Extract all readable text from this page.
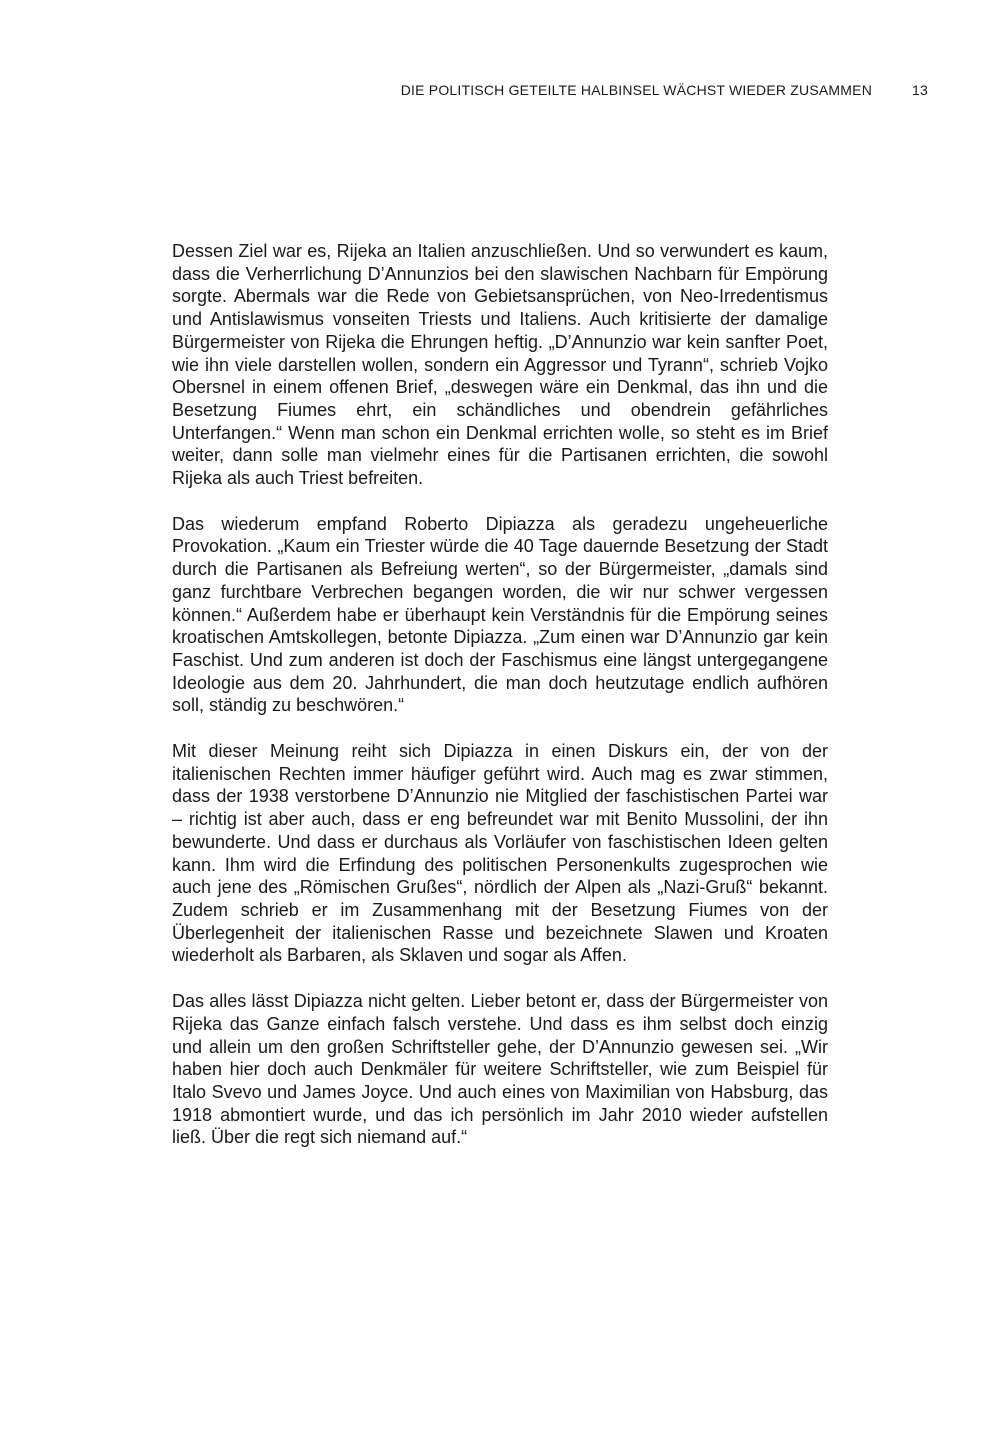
DIE POLITISCH GETEILTE HALBINSEL WÄCHST WIEDER ZUSAMMEN	13

Dessen Ziel war es, Rijeka an Italien anzuschließen. Und so verwundert es kaum, dass die Verherrlichung D’Annunzios bei den slawischen Nachbarn für Empörung sorgte. Abermals war die Rede von Gebietsansprüchen, von Neo-Irredentismus und Antislawismus vonseiten Triests und Italiens. Auch kritisierte der damalige Bürgermeister von Rijeka die Ehrungen heftig. „D’Annunzio war kein sanfter Poet, wie ihn viele darstellen wollen, sondern ein Aggressor und Tyrann“, schrieb Vojko Obersnel in einem offenen Brief, „deswegen wäre ein Denkmal, das ihn und die Besetzung Fiumes ehrt, ein schändliches und obendrein gefährliches Unterfangen.“ Wenn man schon ein Denkmal errichten wolle, so steht es im Brief weiter, dann solle man vielmehr eines für die Partisanen errichten, die sowohl Rijeka als auch Triest befreiten.

Das wiederum empfand Roberto Dipiazza als geradezu ungeheuerliche Provokation. „Kaum ein Triester würde die 40 Tage dauernde Besetzung der Stadt durch die Partisanen als Befreiung werten“, so der Bürgermeister, „damals sind ganz furchtbare Verbrechen begangen worden, die wir nur schwer vergessen können.“ Außerdem habe er überhaupt kein Verständnis für die Empörung seines kroatischen Amtskollegen, betonte Dipiazza. „Zum einen war D’Annunzio gar kein Faschist. Und zum anderen ist doch der Faschismus eine längst untergegangene Ideologie aus dem 20. Jahrhundert, die man doch heutzutage endlich aufhören soll, ständig zu beschwören.“

Mit dieser Meinung reiht sich Dipiazza in einen Diskurs ein, der von der italienischen Rechten immer häufiger geführt wird. Auch mag es zwar stimmen, dass der 1938 verstorbene D’Annunzio nie Mitglied der faschistischen Partei war – richtig ist aber auch, dass er eng befreundet war mit Benito Mussolini, der ihn bewunderte. Und dass er durchaus als Vorläufer von faschistischen Ideen gelten kann. Ihm wird die Erfindung des politischen Personenkults zugesprochen wie auch jene des „Römischen Grußes“, nördlich der Alpen als „Nazi-Gruß“ bekannt. Zudem schrieb er im Zusammenhang mit der Besetzung Fiumes von der Überlegenheit der italienischen Rasse und bezeichnete Slawen und Kroaten wiederholt als Barbaren, als Sklaven und sogar als Affen.

Das alles lässt Dipiazza nicht gelten. Lieber betont er, dass der Bürgermeister von Rijeka das Ganze einfach falsch verstehe. Und dass es ihm selbst doch einzig und allein um den großen Schriftsteller gehe, der D’Annunzio gewesen sei. „Wir haben hier doch auch Denkmäler für weitere Schriftsteller, wie zum Beispiel für Italo Svevo und James Joyce. Und auch eines von Maximilian von Habsburg, das 1918 abmontiert wurde, und das ich persönlich im Jahr 2010 wieder aufstellen ließ. Über die regt sich niemand auf.“
